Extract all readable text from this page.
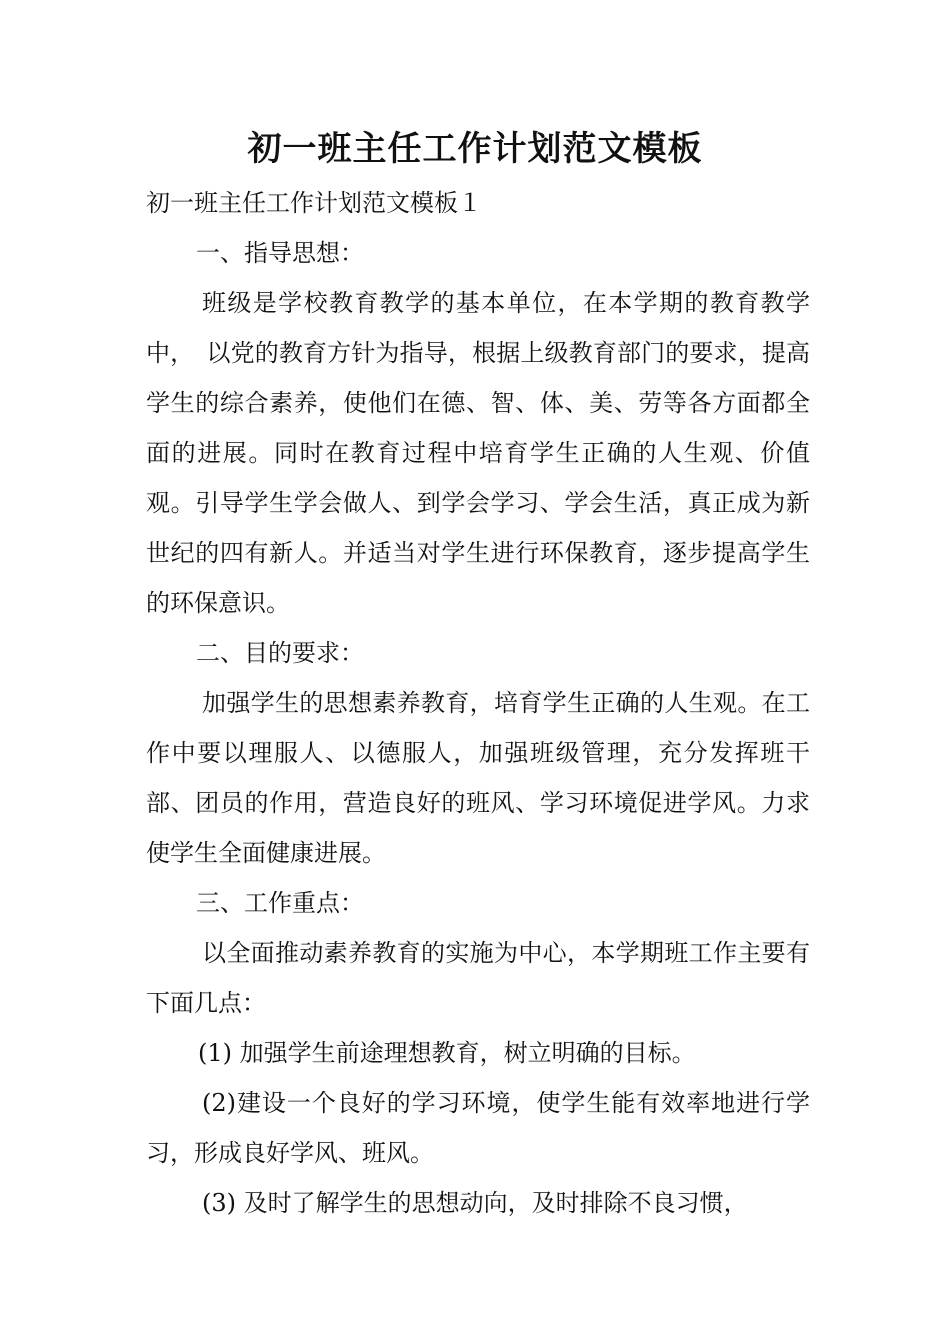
初一班主任工作计划范文模板

初一班主任工作计划范文模板１

一、指导思想：

班级是学校教育教学的基本单位，在本学期的教育教学中，　以党的教育方针为指导，根据上级教育部门的要求，提高学生的综合素养，使他们在德、智、体、美、劳等各方面都全面的进展。同时在教育过程中培育学生正确的人生观、价值观。引导学生学会做人、到学会学习、学会生活，真正成为新世纪的四有新人。并适当对学生进行环保教育，逐步提高学生的环保意识。

二、目的要求：

加强学生的思想素养教育，培育学生正确的人生观。在工作中要以理服人、以德服人，加强班级管理，充分发挥班干部、团员的作用，营造良好的班风、学习环境促进学风。力求使学生全面健康进展。

三、工作重点：

以全面推动素养教育的实施为中心，本学期班工作主要有下面几点：

(1) 加强学生前途理想教育，树立明确的目标。

(2)建设一个良好的学习环境，使学生能有效率地进行学习，形成良好学风、班风。

(3) 及时了解学生的思想动向，及时排除不良习惯，
